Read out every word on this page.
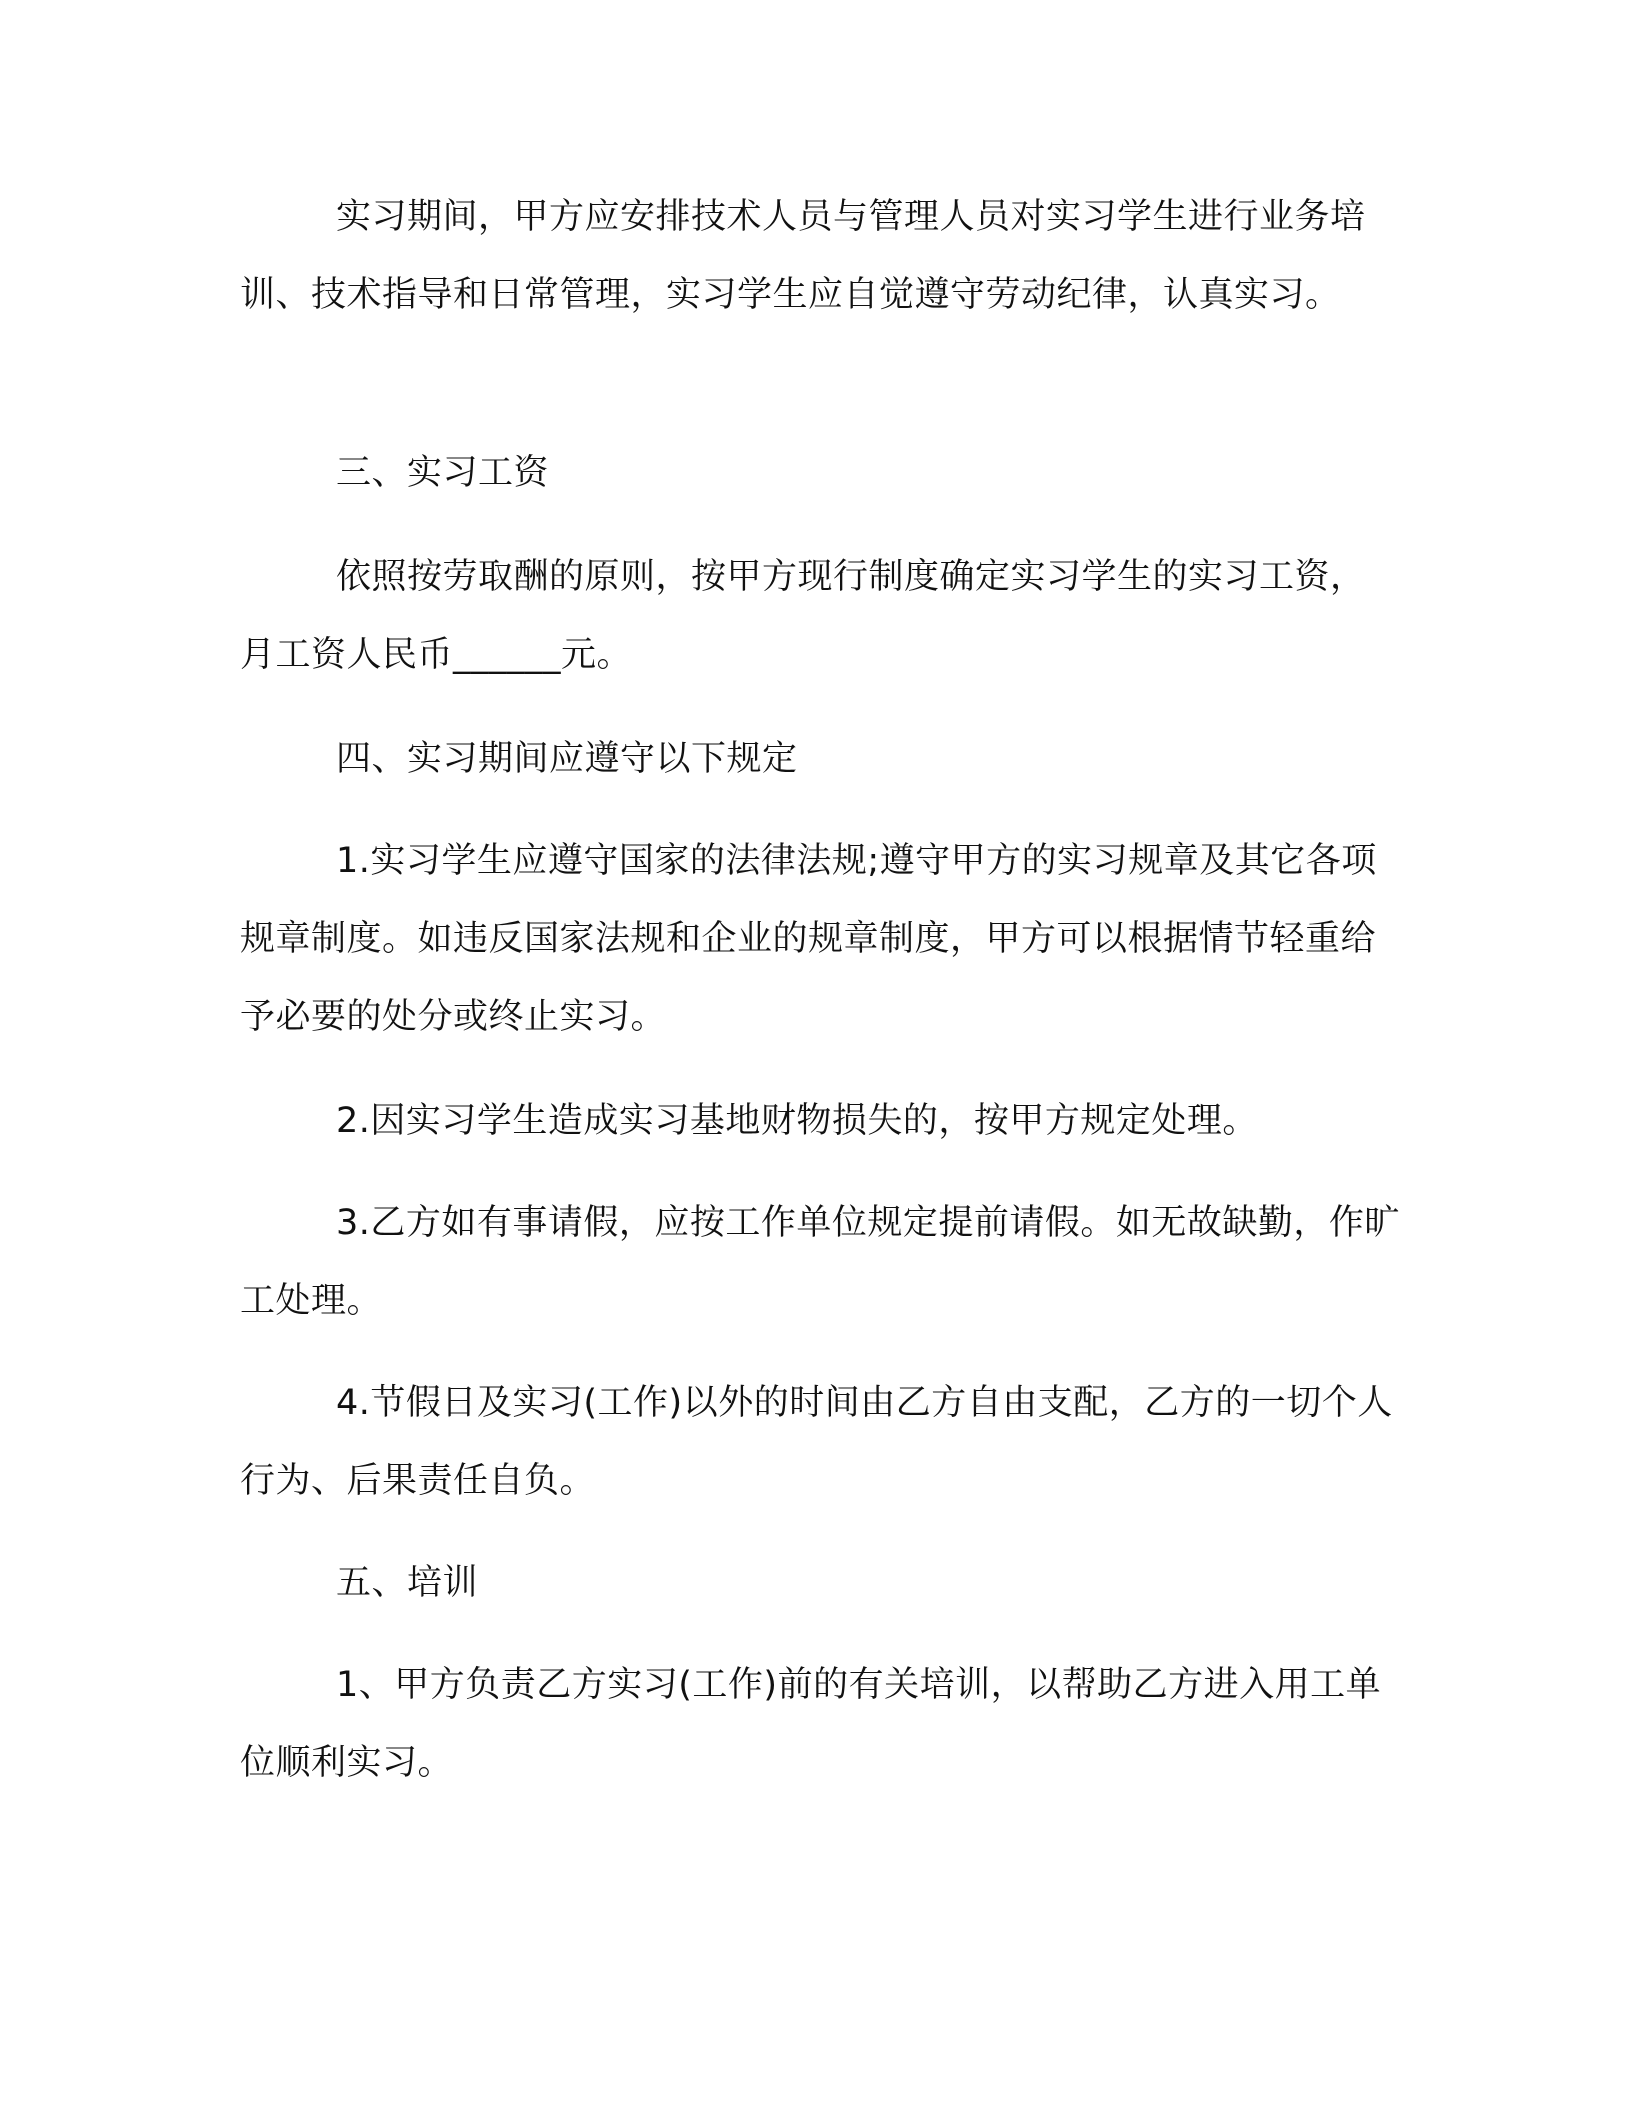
实习期间，甲方应安排技术人员与管理人员对实习学生进行业务培训、技术指导和日常管理，实习学生应自觉遵守劳动纪律，认真实习。
三、实习工资
依照按劳取酬的原则，按甲方现行制度确定实习学生的实习工资，月工资人民币______元。
四、实习期间应遵守以下规定
1.实习学生应遵守国家的法律法规;遵守甲方的实习规章及其它各项规章制度。如违反国家法规和企业的规章制度，甲方可以根据情节轻重给予必要的处分或终止实习。
2.因实习学生造成实习基地财物损失的，按甲方规定处理。
3.乙方如有事请假，应按工作单位规定提前请假。如无故缺勤，作旷工处理。
4.节假日及实习(工作)以外的时间由乙方自由支配，乙方的一切个人行为、后果责任自负。
五、培训
1、甲方负责乙方实习(工作)前的有关培训，以帮助乙方进入用工单位顺利实习。
